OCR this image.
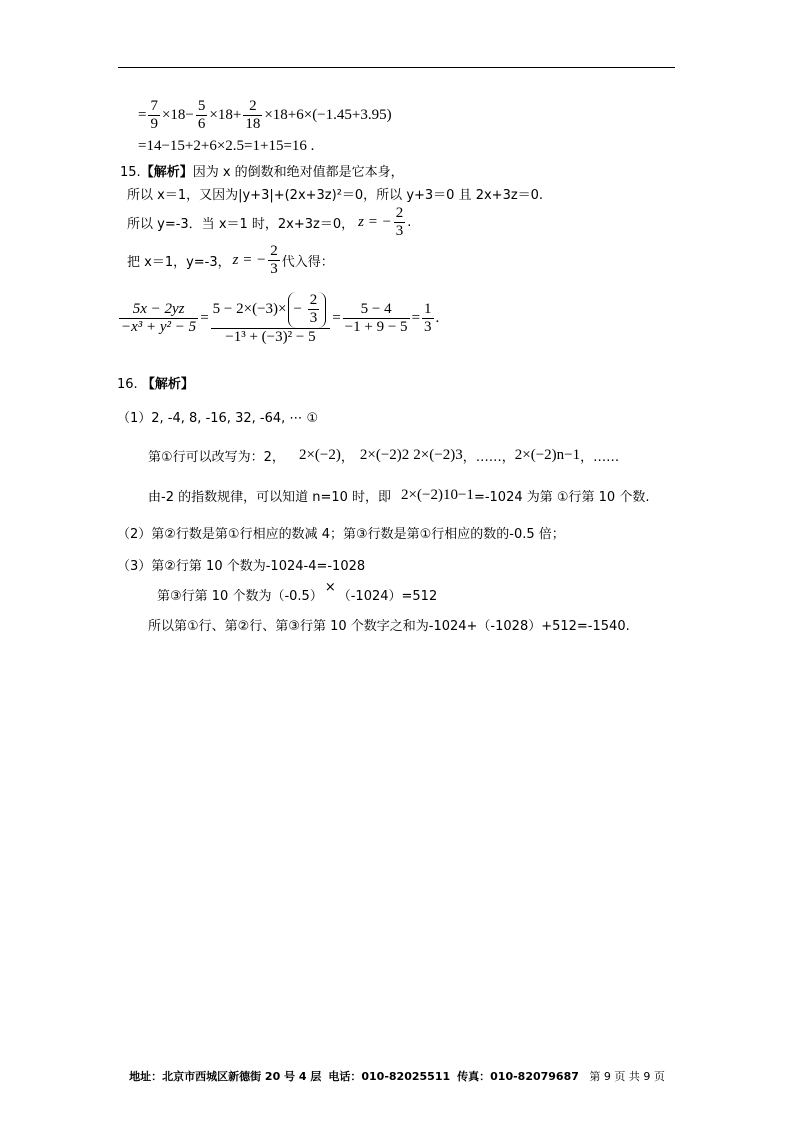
= $\frac{7}{9} \times 18- \frac{5}{6} \times 18+ \frac{2}{18} \times 18+6\times(-1.45+3.95)$
=14−15+2+6×2.5=1+15=16 .
15.【解析】因为 x 的倒数和绝对值都是它本身，
所以 x＝1，又因为|y+3|+(2x+3z)²＝0，所以 y+3＝0 且 2x+3z＝0.
所以 y=-3．当 x＝1 时，2x+3z＝0， z = − $\frac{2}{3}$ .
把 x＝1，y=-3， z = − $\frac{2}{3}$ 代入得：
$\frac{5x - 2yz}{\text{−x³ + y² − 5}}$ =
$5 - 2\times(-3)\times - \frac{2}{3}$
−1³ + (−3)² − 5
= $\frac{5 - 4}{-1 + 9 - 5} = \frac{1}{3}$ .
16. 【解析】
（1）2, -4, 8, -16, 32, -64, ⋯ ①
第①行可以改写为：2， 2×(−2) ， 2×(−2) 2 2×(−2) 3 ，……， 2×(−2) n−1 ，……
由-2 的指数规律，可以知道 n=10 时，即 2×(−2) 10−1 =-1024 为第 ①行第 10 个数.
（2）第②行数是第①行相应的数减 4；第③行数是第①行相应的数的-0.5 倍；
（3）第②行第 10 个数为-1024-4=-1028
第③行第 10 个数为（-0.5）
×
（-1024）=512
所以第①行、第②行、第③行第 10 个数字之和为-1024+（-1028）+512=-1540.
地址：北京市西城区新德街 20 号 4 层 电话：010-82025511 传真：010-82079687 第 9 页 共 9 页
